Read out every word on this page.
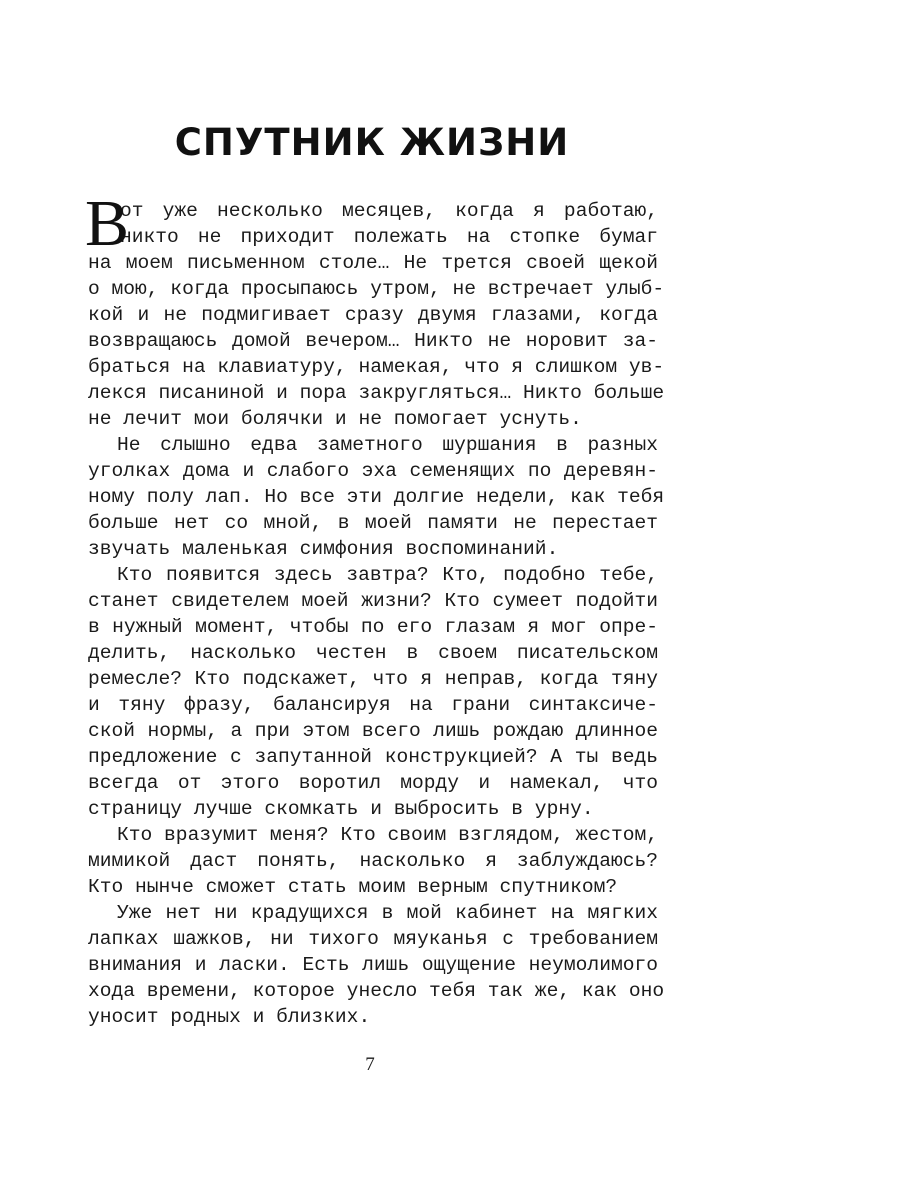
СПУТНИК ЖИЗНИ
В
от уже несколько месяцев, когда я работаю,
никто не приходит полежать на стопке бумаг
на моем письменном столе… Не трется своей щекой
о мою, когда просыпаюсь утром, не встречает улыб-
кой и не подмигивает сразу двумя глазами, когда
возвращаюсь домой вечером… Никто не норовит за-
браться на клавиатуру, намекая, что я слишком ув-
лекся писаниной и пора закругляться… Никто больше
не лечит мои болячки и не помогает уснуть.
Не слышно едва заметного шуршания в разных
уголках дома и слабого эха семенящих по деревян-
ному полу лап. Но все эти долгие недели, как тебя
больше нет со мной, в моей памяти не перестает
звучать маленькая симфония воспоминаний.
Кто появится здесь завтра? Кто, подобно тебе,
станет свидетелем моей жизни? Кто сумеет подойти
в нужный момент, чтобы по его глазам я мог опре-
делить, насколько честен в своем писательском
ремесле? Кто подскажет, что я неправ, когда тяну
и тяну фразу, балансируя на грани синтаксиче-
ской нормы, а при этом всего лишь рождаю длинное
предложение с запутанной конструкцией? А ты ведь
всегда от этого воротил морду и намекал, что
страницу лучше скомкать и выбросить в урну.
Кто вразумит меня? Кто своим взглядом, жестом,
мимикой даст понять, насколько я заблуждаюсь?
Кто нынче сможет стать моим верным спутником?
Уже нет ни крадущихся в мой кабинет на мягких
лапках шажков, ни тихого мяуканья с требованием
внимания и ласки. Есть лишь ощущение неумолимого
хода времени, которое унесло тебя так же, как оно
уносит родных и близких.
7
